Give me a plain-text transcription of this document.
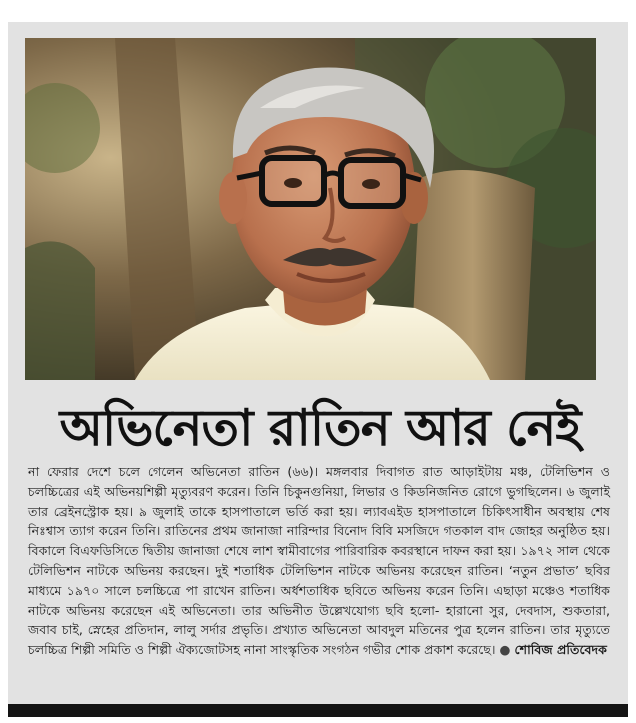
অভিনেতা রাতিন আর নেই

না ফেরার দেশে চলে গেলেন অভিনেতা রাতিন (৬৬)। মঙ্গলবার দিবাগত রাত আড়াইটায় মঞ্চ, টেলিভিশন ও চলচ্চিত্রের এই অভিনয়শিল্পী মৃত্যুবরণ করেন। তিনি চিকুনগুনিয়া, লিভার ও কিডনিজনিত রোগে ভুগছিলেন। ৬ জুলাই তার ব্রেইনস্ট্রোক হয়। ৯ জুলাই তাকে হাসপাতালে ভর্তি করা হয়। ল্যাবএইড হাসপাতালে চিকিৎসাধীন অবস্থায় শেষ নিঃশ্বাস ত্যাগ করেন তিনি। রাতিনের প্রথম জানাজা নারিন্দার বিনোদ বিবি মসজিদে গতকাল বাদ জোহর অনুষ্ঠিত হয়। বিকালে বিএফডিসিতে দ্বিতীয় জানাজা শেষে লাশ স্বামীবাগের পারিবারিক কবরস্থানে দাফন করা হয়। ১৯৭২ সাল থেকে টেলিভিশন নাটকে অভিনয় করছেন। দুই শতাধিক টেলিভিশন নাটকে অভিনয় করেছেন রাতিন। ‘নতুন প্রভাত’ ছবির মাধ্যমে ১৯৭০ সালে চলচ্চিত্রে পা রাখেন রাতিন। অর্ধশতাধিক ছবিতে অভিনয় করেন তিনি। এছাড়া মঞ্চেও শতাধিক নাটকে অভিনয় করেছেন এই অভিনেতা। তার অভিনীত উল্লেখযোগ্য ছবি হলো- হারানো সুর, দেবদাস, শুকতারা, জবাব চাই, স্নেহের প্রতিদান, লালু সর্দার প্রভৃতি। প্রখ্যাত অভিনেতা আবদুল মতিনের পুত্র হলেন রাতিন। তার মৃত্যুতে চলচ্চিত্র শিল্পী সমিতি ও শিল্পী ঐক্যজোটসহ নানা সাংস্কৃতিক সংগঠন গভীর শোক প্রকাশ করেছে। ● শোবিজ প্রতিবেদক
